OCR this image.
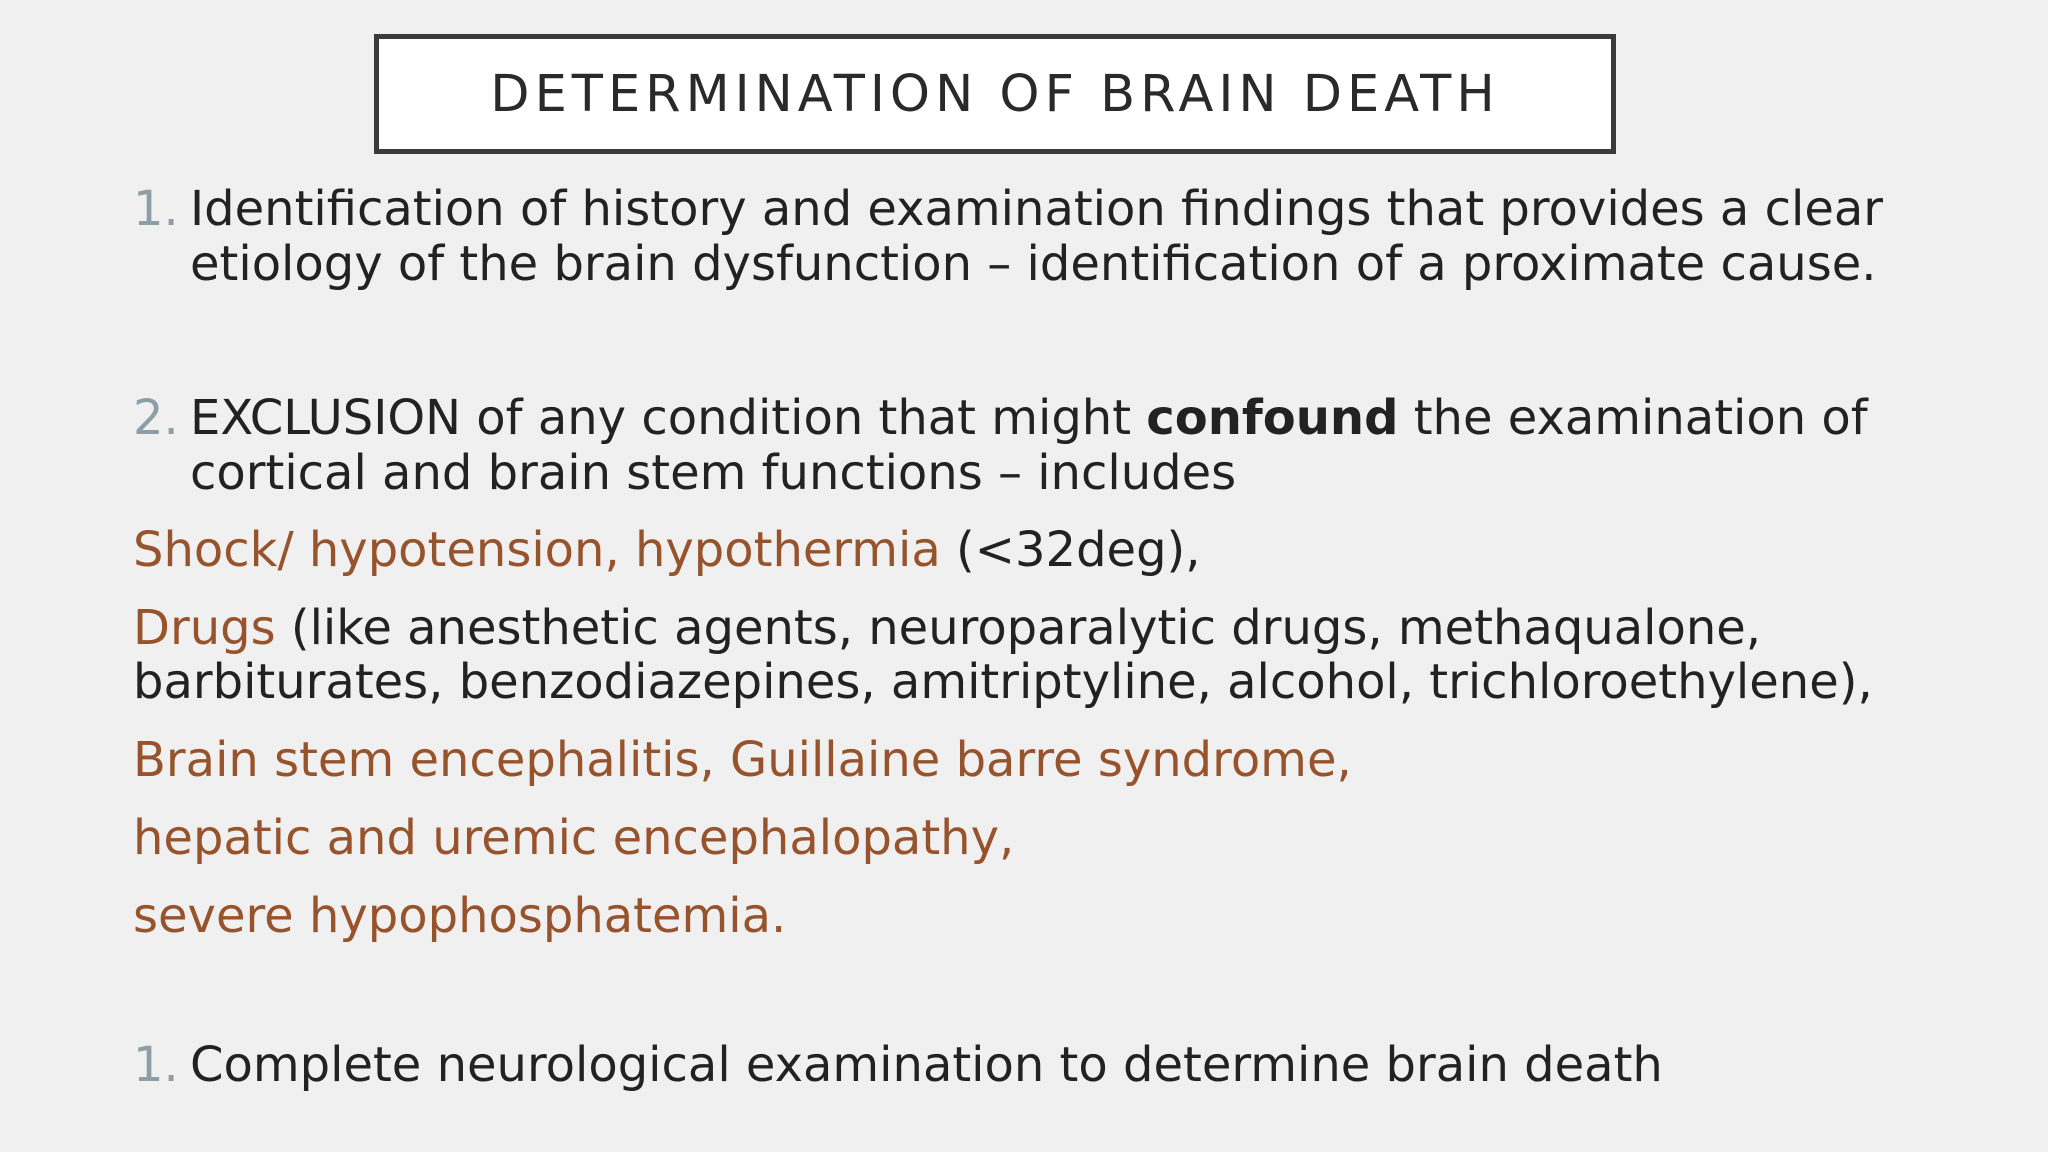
DETERMINATION OF BRAIN DEATH
1. Identification of history and examination findings that provides a clear
etiology of the brain dysfunction – identification of a proximate cause.
2. EXCLUSION of any condition that might confound the examination of
cortical and brain stem functions – includes
Shock/ hypotension, hypothermia (<32deg),
Drugs (like anesthetic agents, neuroparalytic drugs, methaqualone,
barbiturates, benzodiazepines, amitriptyline, alcohol, trichloroethylene),
Brain stem encephalitis, Guillaine barre syndrome,
hepatic and uremic encephalopathy,
severe hypophosphatemia.
1. Complete neurological examination to determine brain death
